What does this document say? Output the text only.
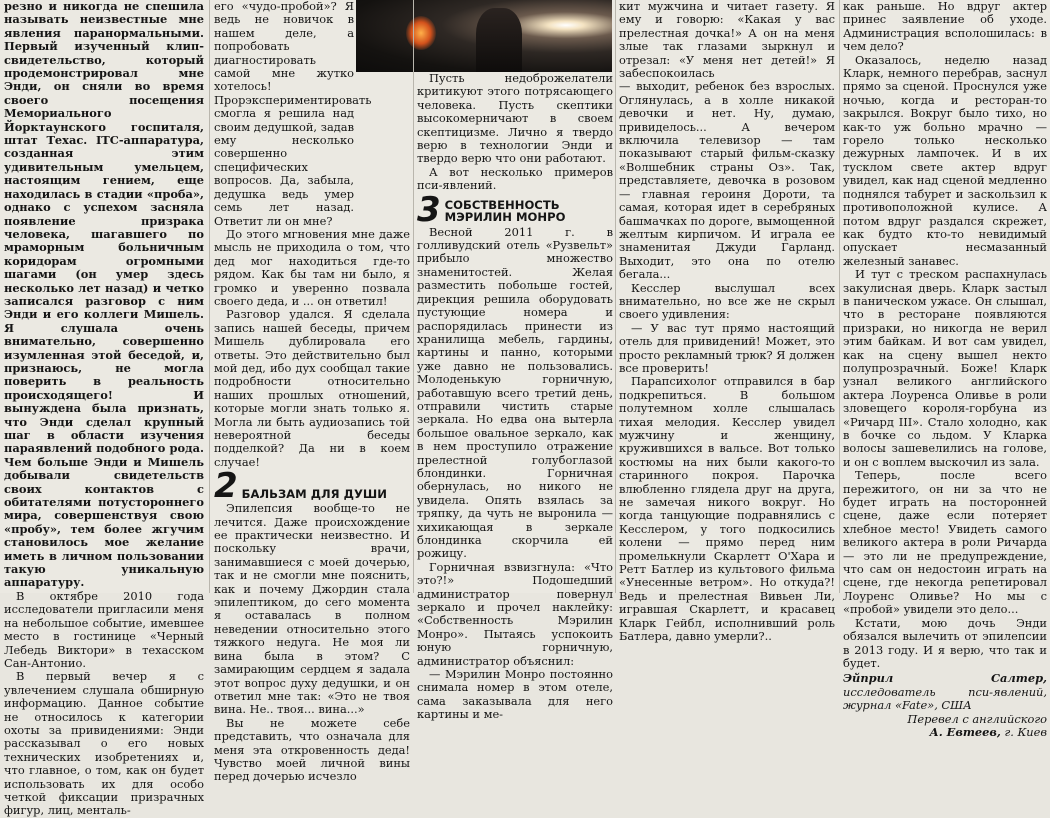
резно и никогда не спешила называть неизвестные мне явления паранормальными. Первый изученный клип-свидетельство, который продемонстрировал мне Энди, он сняли во время своего посещения Мемориального Йорктаунского госпиталя, штат Техас. ITC-аппаратура, созданная этим удивительным умельцем, настоящим гением, еще находилась в стадии «проба», однако с успехом засняла появление призрака человека, шагавшего по мраморным больничным коридорам огромными шагами (он умер здесь несколько лет назад) и четко записался разговор с ним Энди и его коллеги Мишель. Я слушала очень внимательно, совершенно изумленная этой беседой, и, признаюсь, не могла поверить в реальность происходящего! И вынуждена была признать, что Энди сделал крупный шаг в области изучения параявлений подобного рода. Чем больше Энди и Мишель добывали свидетельств своих контактов с обитателями потустороннего мира, совершенствуя свою «пробу», тем более жгучим становилось мое желание иметь в личном пользовании такую уникальную аппаратуру.

В октябре 2010 года исследователи пригласили меня на небольшое событие, имевшее место в гостинице «Черный Лебедь Виктори» в техасском Сан-Антонио.

В первый вечер я с увлечением слушала обширную информацию. Данное событие не относилось к категории охоты за привидениями: Энди рассказывал о его новых технических изобретениях и, что главное, о том, как он будет использовать их для особо четкой фиксации призрачных фигур, лиц, менталь-

его «чудо-пробой»? Я ведь не новичок в нашем деле, а попробовать диагностировать самой мне жутко хотелось! Прорэкспериментировать смогла я решила над своим дедушкой, задав ему несколько совершенно специфических вопросов. Да, забыла, дедушка ведь умер семь лет назад. Ответит ли он мне?

До этого мгновения мне даже мысль не приходила о том, что дед мог находиться где-то рядом. Как бы там ни было, я громко и уверенно позвала своего деда, и ... он ответил!

Разговор удался. Я сделала запись нашей беседы, причем Мишель дублировала его ответы. Это действительно был мой дед, ибо дух сообщал такие подробности относительно наших прошлых отношений, которые могли знать только я. Могла ли быть аудиозапись той невероятной беседы подделкой? Да ни в коем случае!

2 БАЛЬЗАМ ДЛЯ ДУШИ

Эпилепсия вообще-то не лечится. Даже происхождение ее практически неизвестно. И поскольку врачи, занимавшиеся с моей дочерью, так и не смогли мне пояснить, как и почему Джордин стала эпилептиком, до сего момента я оставалась в полном неведении относительно этого тяжкого недуга. Не моя ли вина была в этом? С замирающим сердцем я задала этот вопрос духу дедушки, и он ответил мне так: «Это не твоя вина. Не.. твоя... вина...»

Вы не можете себе представить, что означала для меня эта откровенность деда! Чувство моей личной вины перед дочерью исчезло

Пусть недоброжелатели критикуют этого потрясающего человека. Пусть скептики высокомерничают в своем скептицизме. Лично я твердо верю в технологии Энди и твердо верю что они работают.

А вот несколько примеров пси-явлений.

3 СОБСТВЕННОСТЬ МЭРИЛИН МОНРО

Весной 2011 г. в голливудский отель «Рузвельт» прибыло множество знаменитостей. Желая разместить побольше гостей, дирекция решила оборудовать пустующие номера и распорядилась принести из хранилища мебель, гардины, картины и панно, которыми уже давно не пользовались. Молоденькую горничную, работавшую всего третий день, отправили чистить старые зеркала. Но едва она вытерла большое овальное зеркало, как в нем проступило отражение прелестной голубоглазой блондинки. Горничная обернулась, но никого не увидела. Опять взялась за тряпку, да чуть не выронила — хихикающая в зеркале блондинка скорчила ей рожицу.

Горничная взвизгнула: «Что это?!» Подошедший администратор повернул зеркало и прочел наклейку: «Собственность Мэрилин Монро». Пытаясь успокоить юную горничную, администратор объяснил:

— Мэрилин Монро постоянно снимала номер в этом отеле, сама заказывала для него картины и ме-

кит мужчина и читает газету. Я ему и говорю: «Какая у вас прелестная дочка!» А он на меня злые так глазами зыркнул и отрезал: «У меня нет детей!» Я забеспокоилась

— выходит, ребенок без взрослых. Оглянулась, а в холле никакой девочки и нет. Ну, думаю, привиделось... А вечером включила телевизор — там показывают старый фильм-сказку «Волшебник страны Оз». Так, представляете, девочка в розовом — главная героиня Дороти, та самая, которая идет в серебряных башмачках по дороге, вымощенной желтым кирпичом. И играла ее знаменитая Джуди Гарланд. Выходит, это она по отелю бегала...

Кесслер выслушал всех внимательно, но все же не скрыл своего удивления:

— У вас тут прямо настоящий отель для привидений! Может, это просто рекламный трюк? Я должен все проверить!

Парапсихолог отправился в бар подкрепиться. В большом полутемном холле слышалась тихая мелодия. Кесслер увидел мужчину и женщину, кружившихся в вальсе. Вот только костюмы на них были какого-то старинного покроя. Парочка влюбленно глядела друг на друга, не замечая никого вокруг. Но когда танцующие подравнялись с Кесслером, у того подкосились колени — прямо перед ним промелькнули Скарлетт О'Хара и Ретт Батлер из культового фильма «Унесенные ветром». Но откуда?! Ведь и прелестная Вивьен Ли, игравшая Скарлетт, и красавец Кларк Гейбл, исполнивший роль Батлера, давно умерли?..

как раньше. Но вдруг актер принес заявление об уходе. Администрация всполошилась: в чем дело?

Оказалось, неделю назад Кларк, немного перебрав, заснул прямо за сценой. Проснулся уже ночью, когда и ресторан-то закрылся. Вокруг было тихо, но как-то уж больно мрачно — горело только несколько дежурных лампочек. И в их тусклом свете актер вдруг увидел, как над сценой медленно поднялся табурет и заскользил к противоположной кулисе. А потом вдруг раздался скрежет, как будто кто-то невидимый опускает несмазанный железный занавес.

И тут с треском распахнулась закулисная дверь. Кларк застыл в паническом ужасе. Он слышал, что в ресторане появляются призраки, но никогда не верил этим байкам. И вот сам увидел, как на сцену вышел некто полупрозрачный. Боже! Кларк узнал великого английского актера Лоуренса Оливье в роли зловещего короля-горбуна из «Ричард III». Стало холодно, как в бочке со льдом. У Кларка волосы зашевелились на голове, и он с воплем выскочил из зала.

Теперь, после всего пережитого, он ни за что не будет играть на посторонней сцене, даже если потеряет хлебное место! Увидеть самого великого актера в роли Ричарда — это ли не предупреждение, что сам он недостоин играть на сцене, где некогда репетировал Лоуренс Оливье? Но мы с «пробой» увидели это дело...

Кстати, мою дочь Энди обязался вылечить от эпилепсии в 2013 году. И я верю, что так и будет.

Эйприл Салтер, исследователь пси-явлений, журнал «Fate», США
Перевел с английского
А. Евтеев, г. Киев
